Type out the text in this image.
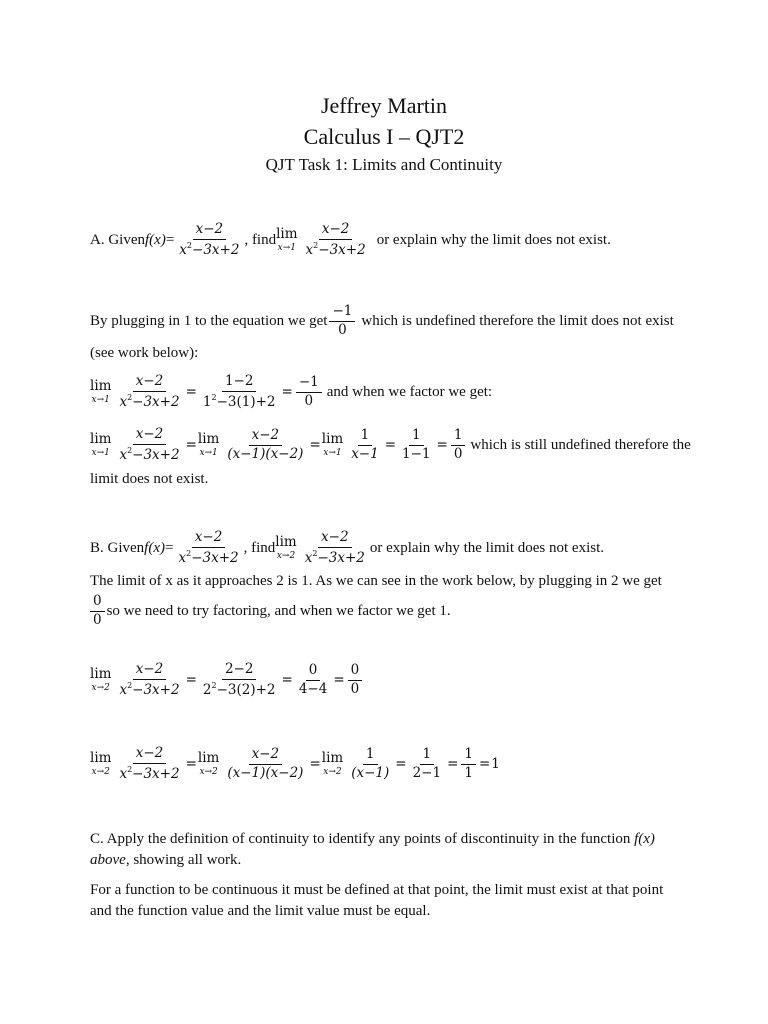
Jeffrey Martin
Calculus I – QJT2
QJT Task 1: Limits and Continuity
A. Given $f(x) = \frac{x-2}{x^2-3x+2}$ , find lim
$x\to 1 \frac{x-2}{x^2-3x+2}$ or explain why the limit does not exist.
By plugging in 1 to the equation we get $\frac{-1}{0}$ which is undefined therefore the limit does not exist
(see work below):
lim
$x\to 1 \frac{x-2}{x^2-3x+2} = \frac{1-2}{1^2-3(1)+2} = \frac{-1}{0}$ and when we factor we get:
lim
$x\to 1 \frac{x-2}{x^2-3x+2} = \lim$
$x\to 1 \frac{x-2}{(x-1)(x-2)} = \lim$
$x\to 1 \frac{1}{x-1} = \frac{1}{1-1} = \frac{1}{0}$ which is still undefined therefore the
limit does not exist.
B. Given $f(x) = \frac{x-2}{x^2-3x+2}$ , find lim
$x\to 2 \frac{x-2}{x^2-3x+2}$ or explain why the limit does not exist.
The limit of x as it approaches 2 is 1. As we can see in the work below, by plugging in 2 we get
$\frac{0}{0}$ so we need to try factoring, and when we factor we get 1.
lim
$x\to 2 \frac{x-2}{x^2-3x+2} = \frac{2-2}{2^2-3(2)+2} = \frac{0}{4-4} = \frac{0}{0}$
lim
$x\to 2 \frac{x-2}{x^2-3x+2} = \lim$
$x\to 2 \frac{x-2}{(x-1)(x-2)} = \lim$
$x\to 2 \frac{1}{(x-1)} = \frac{1}{2-1} = \frac{1}{1} = 1$
C. Apply the definition of continuity to identify any points of discontinuity in the function f(x)
above, showing all work.
For a function to be continuous it must be defined at that point, the limit must exist at that point
and the function value and the limit value must be equal.
